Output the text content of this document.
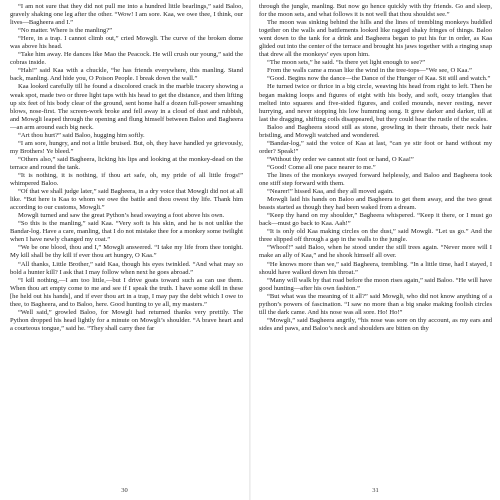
“I am not sure that they did not pull me into a hundred little bearlings,” said Baloo, gravely shaking one leg after the other. “Wow! I am sore. Kaa, we owe thee, I think, our lives—Bagheera and I.”

“No matter. Where is the manling?”

“Here, in a trap. I cannot climb out,” cried Mowgli. The curve of the broken dome was above his head.

“Take him away. He dances like Mao the Peacock. He will crush our young,” said the cobras inside.

“Hah!” said Kaa with a chuckle, “he has friends everywhere, this manling. Stand back, manling. And hide you, O Poison People. I break down the wall.”

Kaa looked carefully till he found a discolored crack in the marble tracery showing a weak spot, made two or three light taps with his head to get the distance, and then lifting up six feet of his body clear of the ground, sent home half a dozen full-power smashing blows, nose-first. The screen-work broke and fell away in a cloud of dust and rubbish, and Mowgli leaped through the opening and flung himself between Baloo and Bagheera—an arm around each big neck.

“Art thou hurt?” said Baloo, hugging him softly.

“I am sore, hungry, and not a little bruised. But, oh, they have handled ye grievously, my Brothers! Ye bleed.”

“Others also,” said Bagheera, licking his lips and looking at the monkey-dead on the terrace and round the tank.

“It is nothing, it is nothing, if thou art safe, oh, my pride of all little frogs!” whimpered Baloo.

“Of that we shall judge later,” said Bagheera, in a dry voice that Mowgli did not at all like. “But here is Kaa to whom we owe the battle and thou owest thy life. Thank him according to our customs, Mowgli.”

Mowgli turned and saw the great Python’s head swaying a foot above his own.

“So this is the manling,” said Kaa. “Very soft is his skin, and he is not unlike the Bandar-log. Have a care, manling, that I do not mistake thee for a monkey some twilight when I have newly changed my coat.”

“We be one blood, thou and I,” Mowgli answered. “I take my life from thee tonight. My kill shall be thy kill if ever thou art hungry, O Kaa.”

“All thanks, Little Brother,” said Kaa, though his eyes twinkled. “And what may so bold a hunter kill? I ask that I may follow when next he goes abroad.”

“I kill nothing,—I am too little,—but I drive goats toward such as can use them. When thou art empty come to me and see if I speak the truth. I have some skill in these [he held out his hands], and if ever thou art in a trap, I may pay the debt which I owe to thee, to Bagheera, and to Baloo, here. Good hunting to ye all, my masters.”

“Well said,” growled Baloo, for Mowgli had returned thanks very prettily. The Python dropped his head lightly for a minute on Mowgli’s shoulder. “A brave heart and a courteous tongue,” said he. “They shall carry thee far

30

through the jungle, manling. But now go hence quickly with thy friends. Go and sleep, for the moon sets, and what follows it is not well that thou shouldst see.”

The moon was sinking behind the hills and the lines of trembling monkeys huddled together on the walls and battlements looked like ragged shaky fringes of things. Baloo went down to the tank for a drink and Bagheera began to put his fur in order, as Kaa glided out into the center of the terrace and brought his jaws together with a ringing snap that drew all the monkeys’ eyes upon him.

“The moon sets,” he said. “Is there yet light enough to see?”

From the walls came a moan like the wind in the tree-tops—“We see, O Kaa.”

“Good. Begins now the dance—the Dance of the Hunger of Kaa. Sit still and watch.”

He turned twice or thrice in a big circle, weaving his head from right to left. Then he began making loops and figures of eight with his body, and soft, oozy triangles that melted into squares and five-sided figures, and coiled mounds, never resting, never hurrying, and never stopping his low humming song. It grew darker and darker, till at last the dragging, shifting coils disappeared, but they could hear the rustle of the scales.

Baloo and Bagheera stood still as stone, growling in their throats, their neck hair bristling, and Mowgli watched and wondered.

“Bandar-log,” said the voice of Kaa at last, “can ye stir foot or hand without my order? Speak!”

“Without thy order we cannot stir foot or hand, O Kaa!”

“Good! Come all one pace nearer to me.”

The lines of the monkeys swayed forward helplessly, and Baloo and Bagheera took one stiff step forward with them.

“Nearer!” hissed Kaa, and they all moved again.

Mowgli laid his hands on Baloo and Bagheera to get them away, and the two great beasts started as though they had been waked from a dream.

“Keep thy hand on my shoulder,” Bagheera whispered. “Keep it there, or I must go back—must go back to Kaa. Aah!”

“It is only old Kaa making circles on the dust,” said Mowgli. “Let us go.” And the three slipped off through a gap in the walls to the jungle.

“Whoof!” said Baloo, when he stood under the still trees again. “Never more will I make an ally of Kaa,” and he shook himself all over.

“He knows more than we,” said Bagheera, trembling. “In a little time, had I stayed, I should have walked down his throat.”

“Many will walk by that road before the moon rises again,” said Baloo. “He will have good hunting—after his own fashion.”

“But what was the meaning of it all?” said Mowgli, who did not know anything of a python’s powers of fascination. “I saw no more than a big snake making foolish circles till the dark came. And his nose was all sore. Ho! Ho!”

“Mowgli,” said Bagheera angrily, “his nose was sore on thy account, as my ears and sides and paws, and Baloo’s neck and shoulders are bitten on thy

31
